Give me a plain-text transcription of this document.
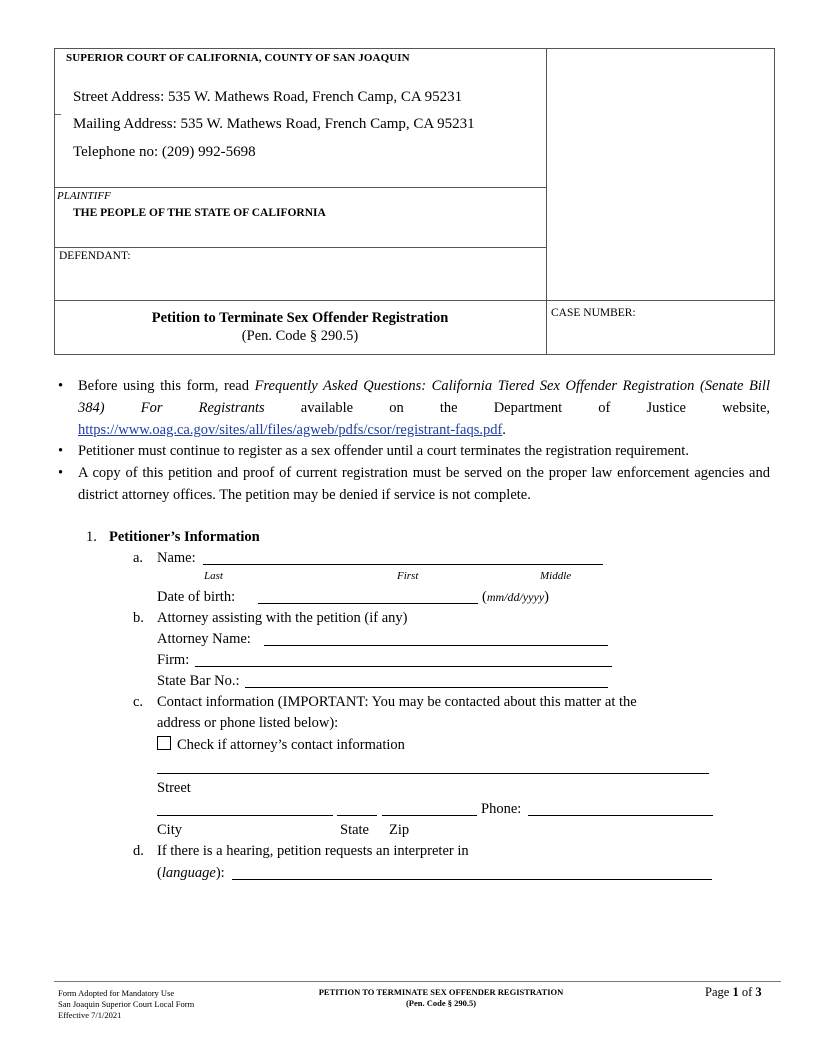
SUPERIOR COURT OF CALIFORNIA, COUNTY OF SAN JOAQUIN
_
Street Address: 535 W. Mathews Road, French Camp, CA 95231
Mailing Address: 535 W. Mathews Road, French Camp, CA 95231
Telephone no: (209) 992-5698
PLAINTIFF
THE PEOPLE OF THE STATE OF CALIFORNIA
DEFENDANT:
Petition to Terminate Sex Offender Registration
(Pen. Code § 290.5)
CASE NUMBER:
• Before using this form, read Frequently Asked Questions: California Tiered Sex Offender Registration (Senate Bill 384) For Registrants available on the Department of Justice website, https://www.oag.ca.gov/sites/all/files/agweb/pdfs/csor/registrant-faqs.pdf.
• Petitioner must continue to register as a sex offender until a court terminates the registration requirement.
• A copy of this petition and proof of current registration must be served on the proper law enforcement agencies and district attorney offices. The petition may be denied if service is not complete.
1. Petitioner’s Information
a. Name:
Last	First	Middle
Date of birth:	(mm/dd/yyyy)
b. Attorney assisting with the petition (if any)
Attorney Name:
Firm:
State Bar No.:
c. Contact information (IMPORTANT: You may be contacted about this matter at the
address or phone listed below):
Check if attorney’s contact information
Street
Phone:
City	State Zip
d. If there is a hearing, petition requests an interpreter in
(language):
Form Adopted for Mandatory Use
San Joaquin Superior Court Local Form
Effective 7/1/2021
PETITION TO TERMINATE SEX OFFENDER REGISTRATION
(Pen. Code § 290.5)
Page 1 of 3
